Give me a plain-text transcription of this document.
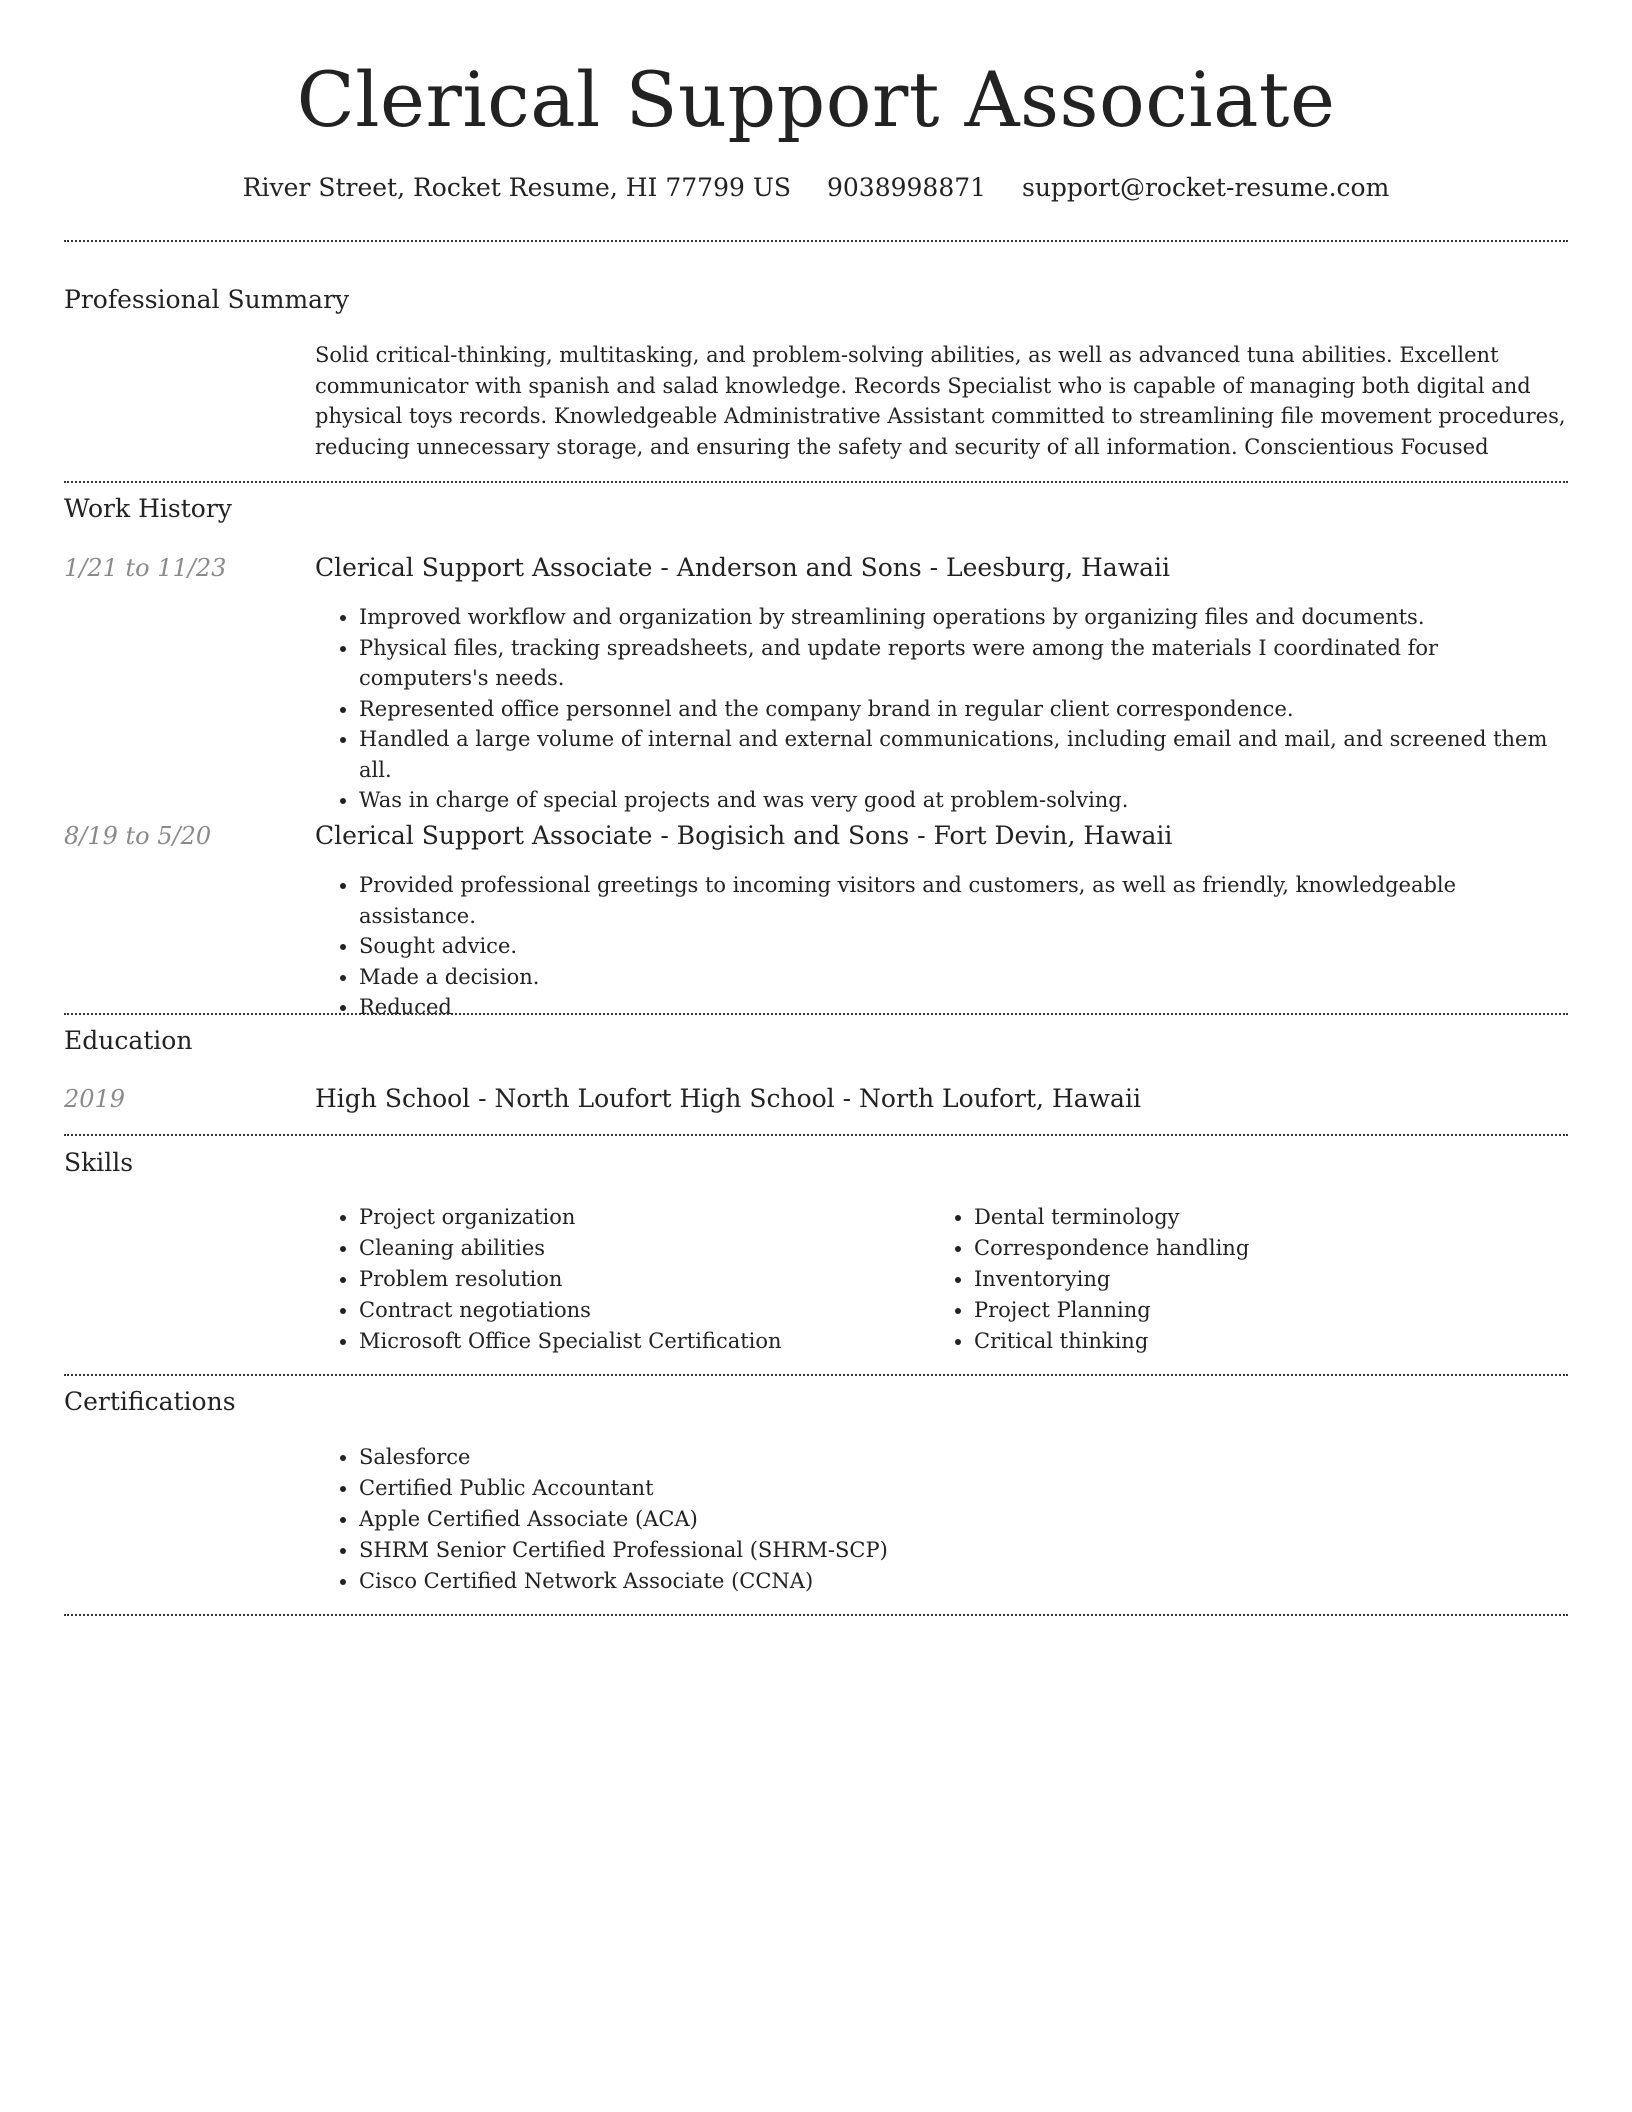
Clerical Support Associate
River Street, Rocket Resume, HI 77799 US 9038998871 support@rocket-resume.com
Professional Summary
Solid critical-thinking, multitasking, and problem-solving abilities, as well as advanced tuna abilities. Excellent communicator with spanish and salad knowledge. Records Specialist who is capable of managing both digital and physical toys records. Knowledgeable Administrative Assistant committed to streamlining file movement procedures, reducing unnecessary storage, and ensuring the safety and security of all information. Conscientious Focused
Work History
1/21 to 11/23	Clerical Support Associate - Anderson and Sons - Leesburg, Hawaii
• Improved workflow and organization by streamlining operations by organizing files and documents.
• Physical files, tracking spreadsheets, and update reports were among the materials I coordinated for computers's needs.
• Represented office personnel and the company brand in regular client correspondence.
• Handled a large volume of internal and external communications, including email and mail, and screened them all.
• Was in charge of special projects and was very good at problem-solving.
8/19 to 5/20	Clerical Support Associate - Bogisich and Sons - Fort Devin, Hawaii
• Provided professional greetings to incoming visitors and customers, as well as friendly, knowledgeable assistance.
• Sought advice.
• Made a decision.
• Reduced
Education
2019	High School - North Loufort High School - North Loufort, Hawaii
Skills
• Project organization
• Cleaning abilities
• Problem resolution
• Contract negotiations
• Microsoft Office Specialist Certification
• Dental terminology
• Correspondence handling
• Inventorying
• Project Planning
• Critical thinking
Certifications
• Salesforce
• Certified Public Accountant
• Apple Certified Associate (ACA)
• SHRM Senior Certified Professional (SHRM-SCP)
• Cisco Certified Network Associate (CCNA)
